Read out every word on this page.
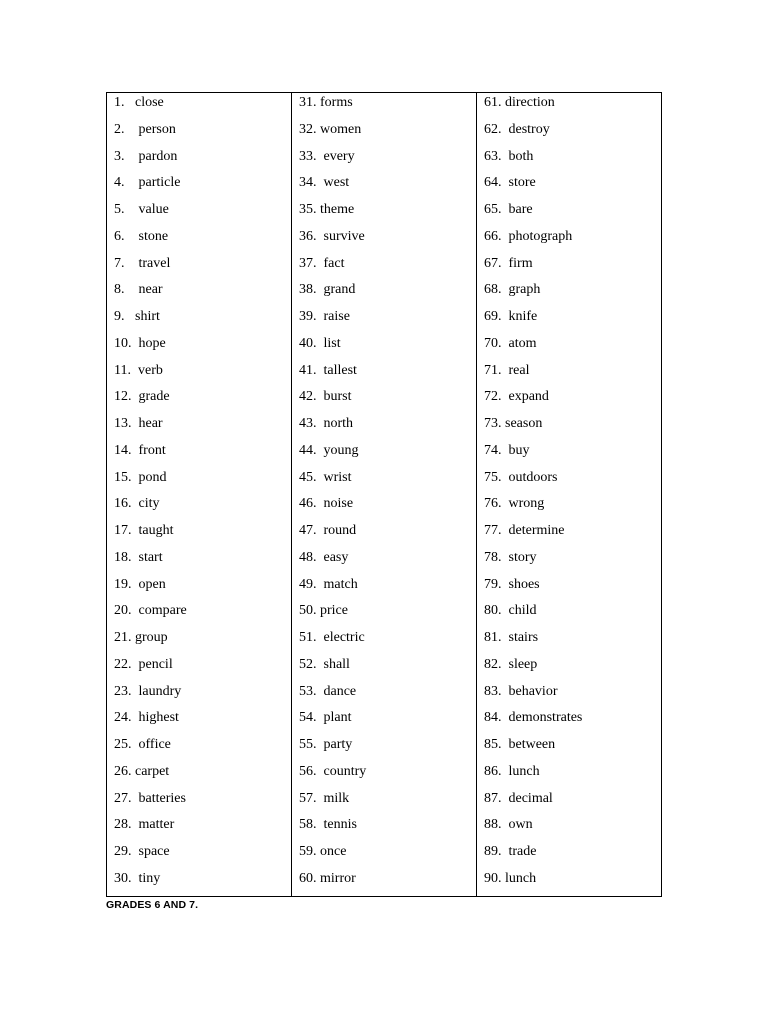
1.   close
2.    person
3.    pardon
4.    particle
5.    value
6.    stone
7.    travel
8.    near
9.   shirt
10.  hope
11.  verb
12.  grade
13.  hear
14.  front
15.  pond
16.  city
17.  taught
18.  start
19.  open
20.  compare
21. group
22.  pencil
23.  laundry
24.  highest
25.  office
26. carpet
27.  batteries
28.  matter
29.  space
30.  tiny
31. forms
32. women
33.  every
34.  west
35. theme
36.  survive
37.  fact
38.  grand
39.  raise
40.  list
41.  tallest
42.  burst
43.  north
44.  young
45.  wrist
46.  noise
47.  round
48.  easy
49.  match
50. price
51.  electric
52.  shall
53.  dance
54.  plant
55.  party
56.  country
57.  milk
58.  tennis
59. once
60. mirror
61. direction
62.  destroy
63.  both
64.  store
65.  bare
66.  photograph
67.  firm
68.  graph
69.  knife
70.  atom
71.  real
72.  expand
73. season
74.  buy
75.  outdoors
76.  wrong
77.  determine
78.  story
79.  shoes
80.  child
81.  stairs
82.  sleep
83.  behavior
84.  demonstrates
85.  between
86.  lunch
87.  decimal
88.  own
89.  trade
90. lunch
GRADES 6 AND 7.
